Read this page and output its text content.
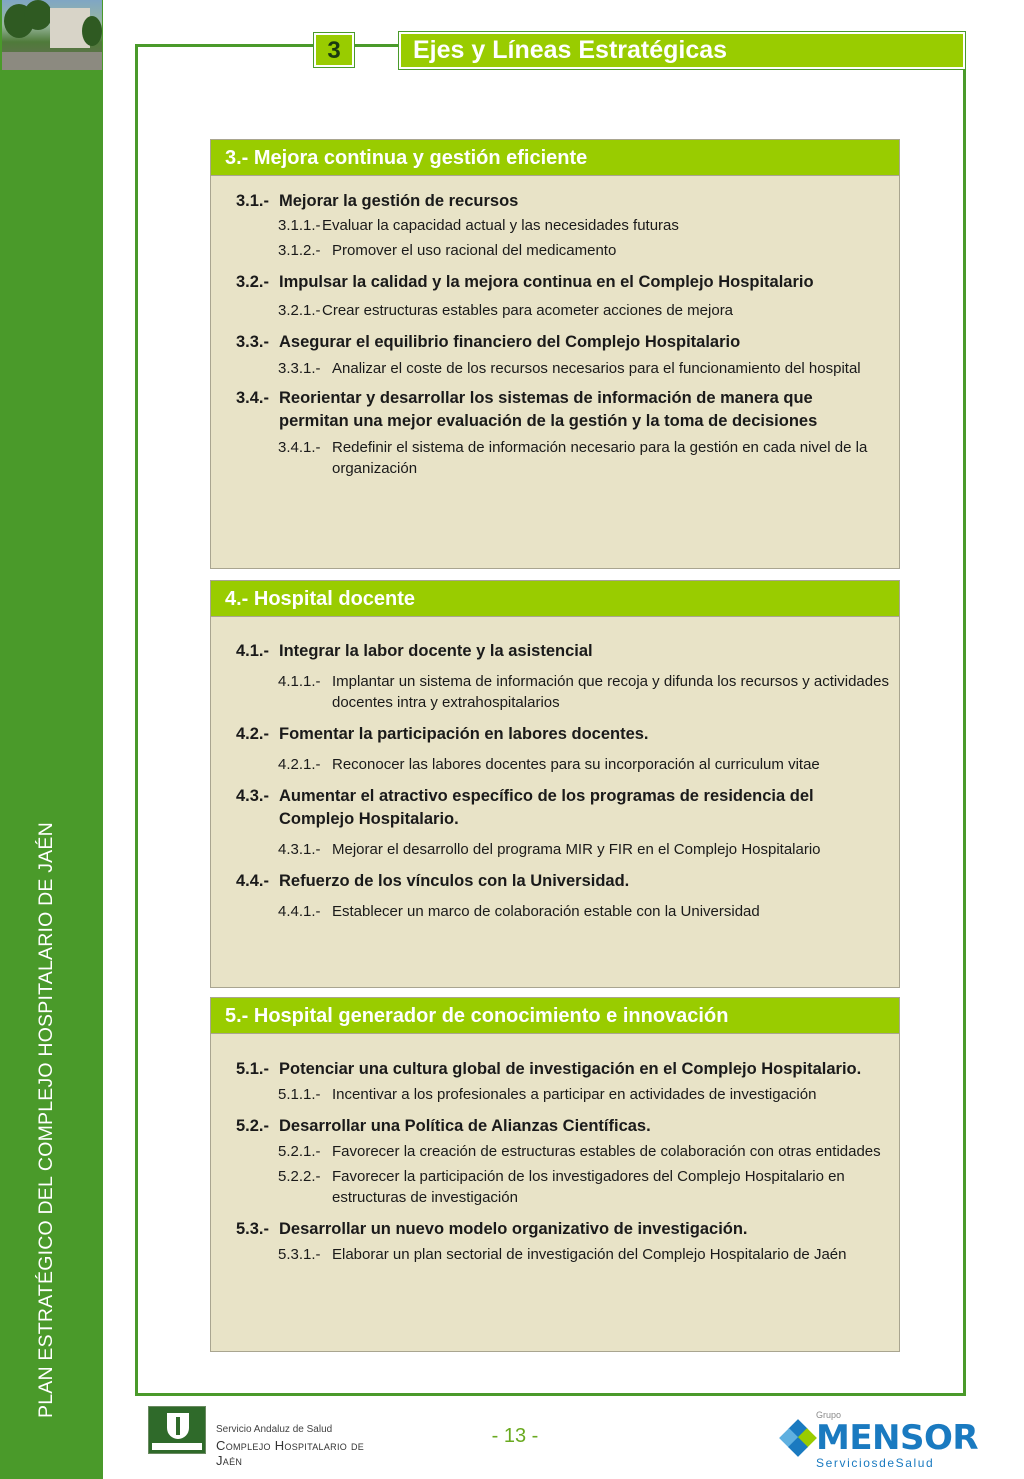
PLAN ESTRATÉGICO DEL COMPLEJO HOSPITALARIO DE JAÉN
3	Ejes y Líneas Estratégicas
3.- Mejora continua y gestión eficiente
3.1.- Mejorar la gestión de recursos
3.1.1.- Evaluar la capacidad actual y las necesidades futuras
3.1.2.- Promover el uso racional del medicamento
3.2.- Impulsar la calidad y la mejora continua en el Complejo Hospitalario
3.2.1.- Crear estructuras estables para acometer acciones de mejora
3.3.- Asegurar el equilibrio financiero del Complejo Hospitalario
3.3.1.- Analizar el coste de los recursos necesarios para el funcionamiento del hospital
3.4.- Reorientar y desarrollar los sistemas de información de manera que permitan una mejor evaluación de la gestión y la toma de decisiones
3.4.1.- Redefinir el sistema de información necesario para la gestión en cada nivel de la organización
4.- Hospital docente
4.1.- Integrar la labor docente y la asistencial
4.1.1.- Implantar un sistema de información que recoja y difunda los recursos y actividades docentes intra y extrahospitalarios
4.2.- Fomentar la participación en labores docentes.
4.2.1.- Reconocer las labores docentes para su incorporación al curriculum vitae
4.3.- Aumentar el atractivo específico de los programas de residencia del Complejo Hospitalario.
4.3.1.- Mejorar el desarrollo del programa MIR y FIR en el Complejo Hospitalario
4.4.- Refuerzo de los vínculos con la Universidad.
4.4.1.- Establecer un marco de colaboración estable con la Universidad
5.- Hospital generador de conocimiento e innovación
5.1.- Potenciar una cultura global de investigación en el Complejo Hospitalario.
5.1.1.- Incentivar a los profesionales a participar en actividades de investigación
5.2.- Desarrollar una Política de Alianzas Científicas.
5.2.1.- Favorecer la creación de estructuras estables de colaboración con otras entidades
5.2.2.- Favorecer la participación de los investigadores del Complejo Hospitalario en estructuras de investigación
5.3.- Desarrollar un nuevo modelo organizativo de investigación.
5.3.1.- Elaborar un plan sectorial de investigación del Complejo Hospitalario de Jaén
Servicio Andaluz de Salud
Complejo Hospitalario de Jaén
- 13 -
Grupo
MENSOR
ServiciosdeSalud
